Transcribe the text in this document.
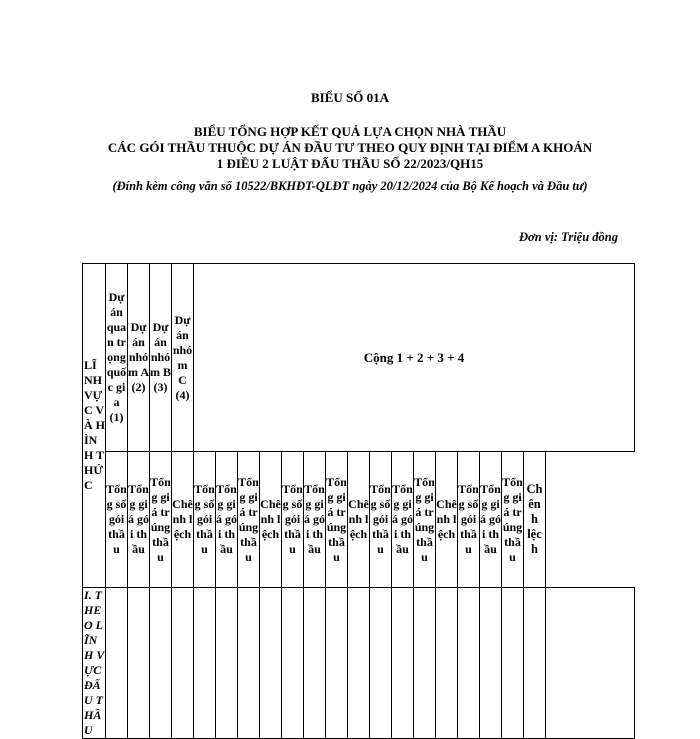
BIỂU SỐ 01A
BIỂU TỔNG HỢP KẾT QUẢ LỰA CHỌN NHÀ THẦU
CÁC GÓI THẦU THUỘC DỰ ÁN ĐẦU TƯ THEO QUY ĐỊNH TẠI ĐIỂM A KHOẢN
1 ĐIỀU 2 LUẬT ĐẤU THẦU SỐ 22/2023/QH15
(Đính kèm công văn số 10522/BKHĐT-QLĐT ngày 20/12/2024 của Bộ Kế hoạch và Đầu tư)
Đơn vị: Triệu đồng
LĨNH VỰC VÀ HÌNH THỨC	Dự án quan trọng quốc gia (1)	Dự án nhóm A (2)	Dự án nhóm B (3)	Dự án nhóm C (4)	Cộng 1 + 2 + 3 + 4																
	Tổng số gói thầu	Tổng giá gói thầu	Tổng giá trúng thầu	Chênh lệch	Tổng số gói thầu	Tổng giá gói thầu	Tổng giá trúng thầu	Chênh lệch	Tổng số gói thầu	Tổng giá gói thầu	Tổng giá trúng thầu	Chênh lệch	Tổng số gói thầu	Tổng giá gói thầu	Tổng giá trúng thầu	Chênh lệch	Tổng số gói thầu	Tổng giá gói thầu	Tổng giá trúng thầu	Chênh lệch	
I. THEO LĨNH VỰC ĐẤU THẦU																					
